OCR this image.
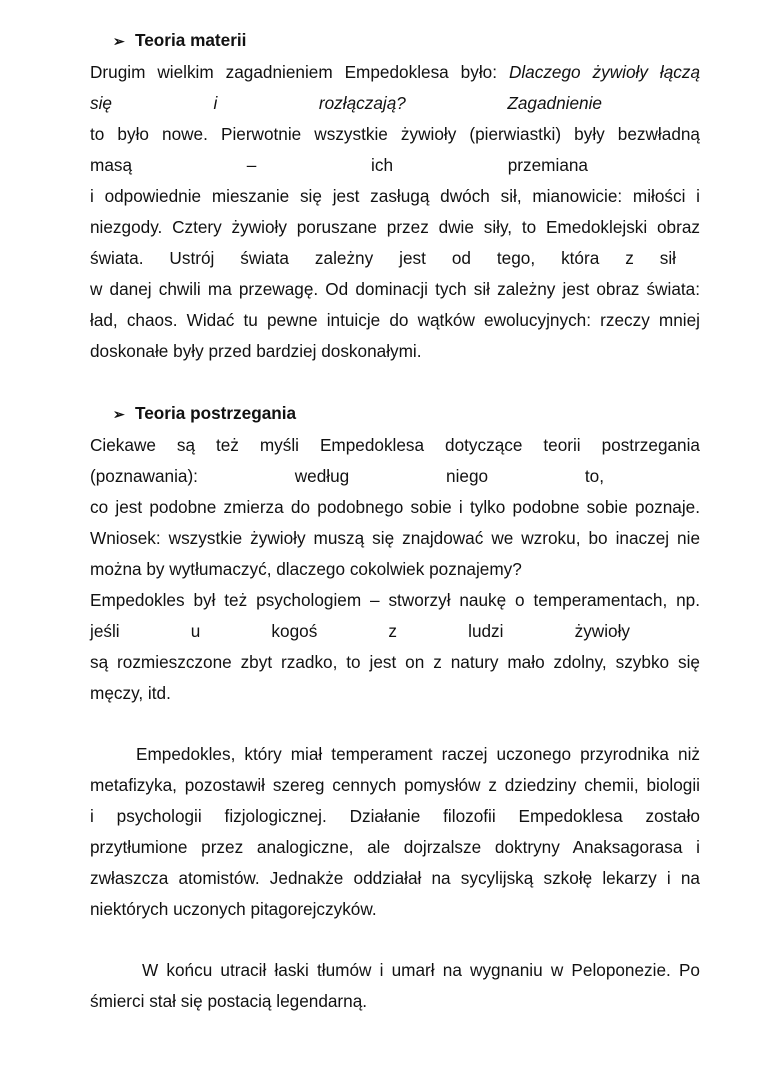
➢ Teoria materii
Drugim wielkim zagadnieniem Empedoklesa było: Dlaczego żywioły łączą
się i rozłączają? Zagadnienie
to było nowe. Pierwotnie wszystkie żywioły (pierwiastki) były bezwładną
masą – ich przemiana
i odpowiednie mieszanie się jest zasługą dwóch sił, mianowicie: miłości i
niezgody. Cztery żywioły poruszane przez dwie siły, to Emedoklejski obraz
świata. Ustrój świata zależny jest od tego, która z sił
w danej chwili ma przewagę. Od dominacji tych sił zależny jest obraz świata:
ład, chaos. Widać tu pewne intuicje do wątków ewolucyjnych: rzeczy mniej
doskonałe były przed bardziej doskonałymi.
➢ Teoria postrzegania
Ciekawe są też myśli Empedoklesa dotyczące teorii postrzegania
(poznawania): według niego to,
co jest podobne zmierza do podobnego sobie i tylko podobne sobie poznaje.
Wniosek: wszystkie żywioły muszą się znajdować we wzroku, bo inaczej nie
można by wytłumaczyć, dlaczego cokolwiek poznajemy?
Empedokles był też psychologiem – stworzył naukę o temperamentach, np.
jeśli u kogoś z ludzi żywioły
są rozmieszczone zbyt rzadko, to jest on z natury mało zdolny, szybko się
męczy, itd.
Empedokles, który miał temperament raczej uczonego przyrodnika niż
metafizyka, pozostawił szereg cennych pomysłów z dziedziny chemii, biologii
i psychologii fizjologicznej. Działanie filozofii Empedoklesa zostało
przytłumione przez analogiczne, ale dojrzalsze doktryny Anaksagorasa i
zwłaszcza atomistów. Jednakże oddziałał na sycylijską szkołę lekarzy i na
niektórych uczonych pitagorejczyków.
W końcu utracił łaski tłumów i umarł na wygnaniu w Peloponezie. Po
śmierci stał się postacią legendarną.
